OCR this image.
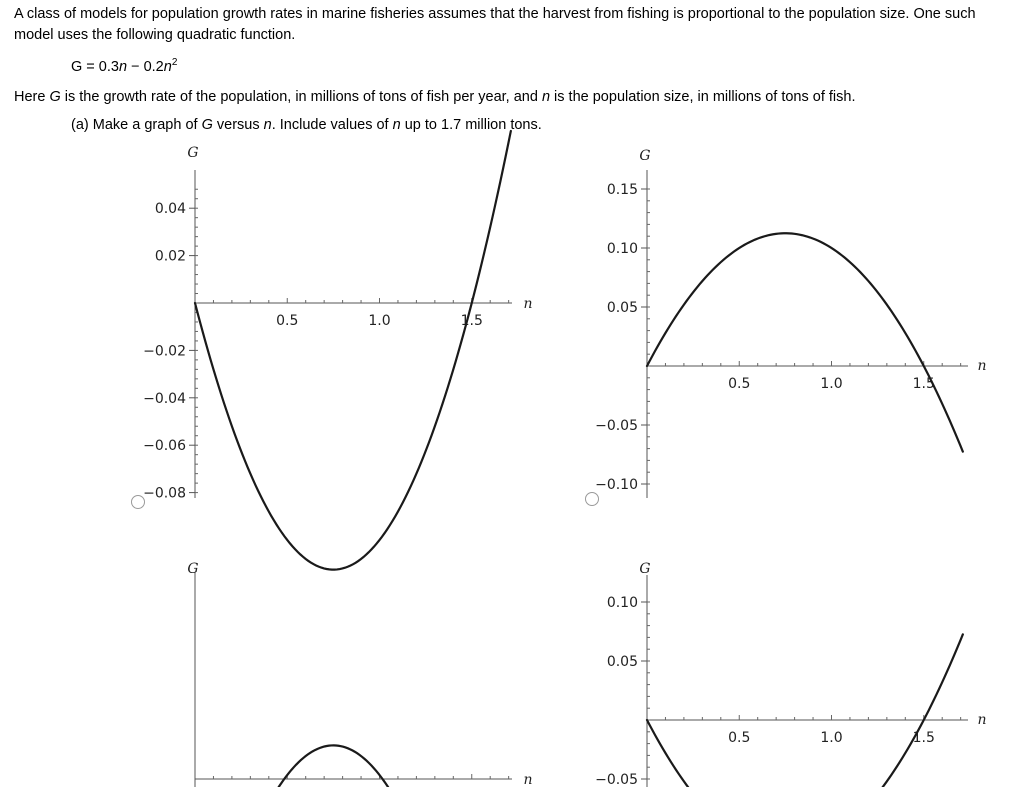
A class of models for population growth rates in marine fisheries assumes that the harvest from fishing is proportional to the population size. One such model uses the following quadratic function.
$G = 0.3n - 0.2n^2$
Here G is the growth rate of the population, in millions of tons of fish per year, and n is the population size, in millions of tons of fish.
(a) Make a graph of G versus n. Include values of n up to 1.7 million tons.
0.04
0.02
−0.02
−0.04
−0.06
−0.08
0.5	1.0	1.5
n
G
0.15
0.10
0.05
−0.05
−0.10
0.5	1.0	1.5
n
G
n
G
0.10
0.05
−0.05
0.5	1.0	1.5
n
G
